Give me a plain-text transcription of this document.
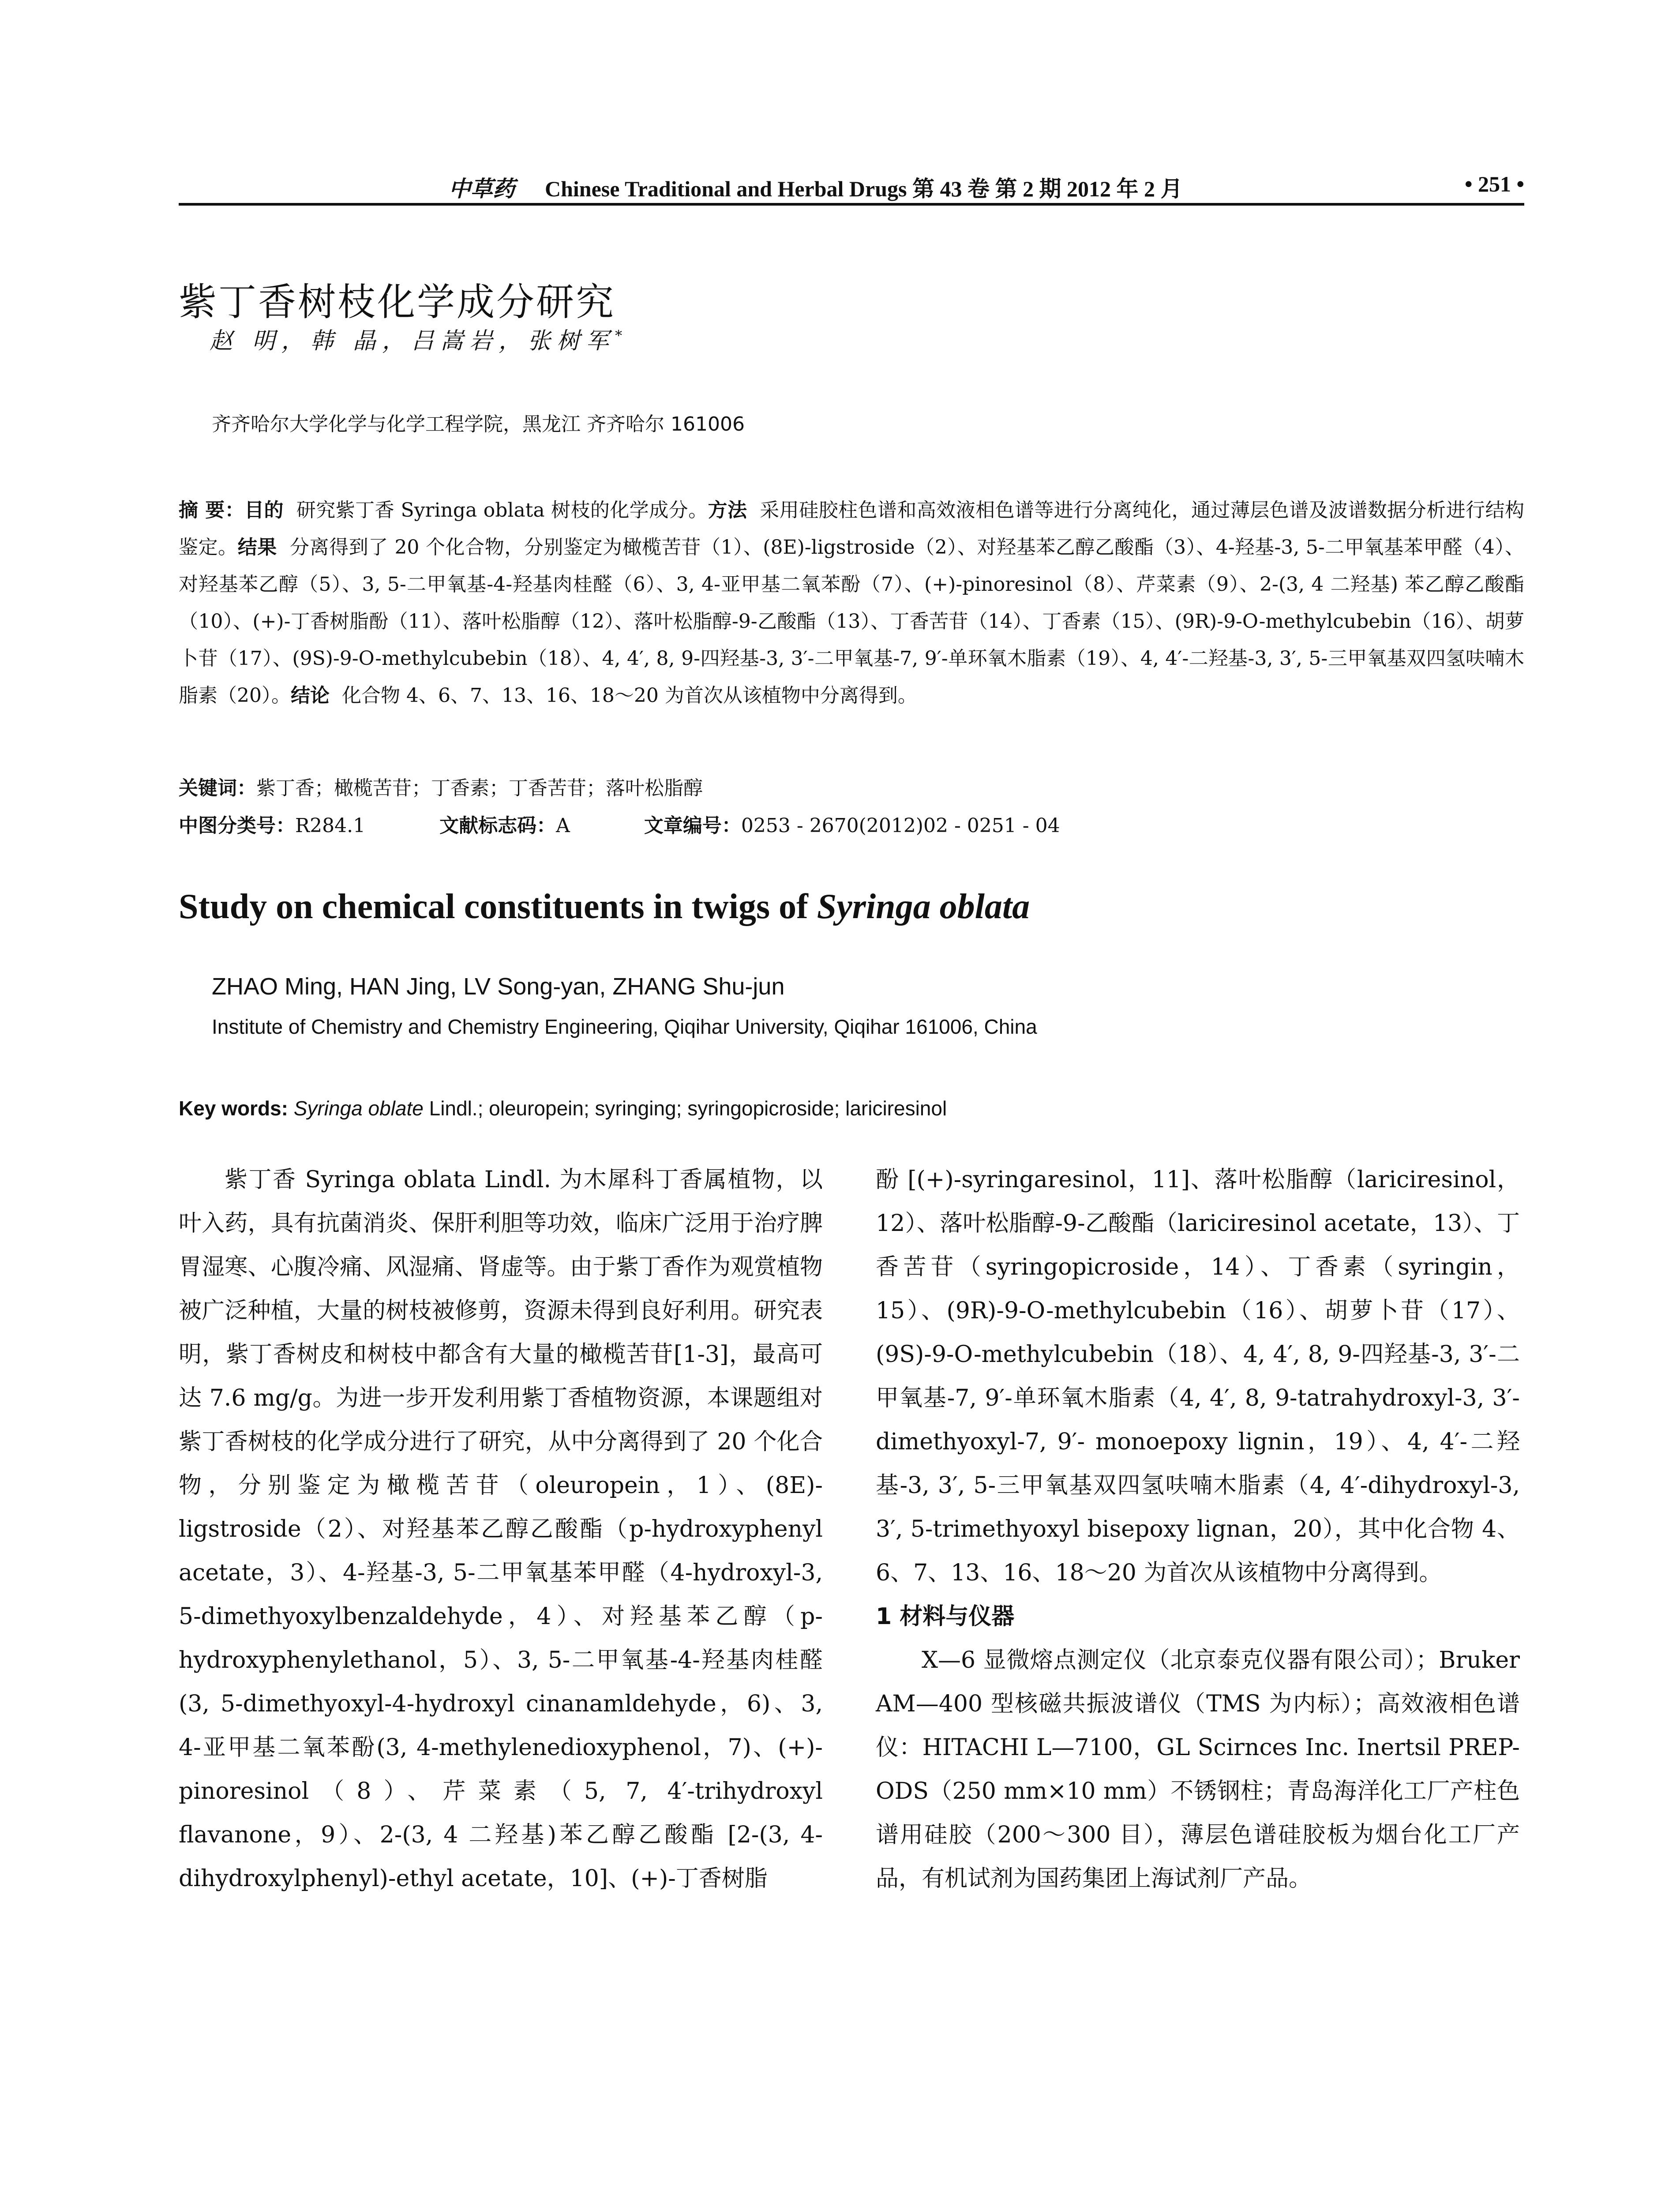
中草药 Chinese Traditional and Herbal Drugs 第 43 卷 第 2 期 2012 年 2 月	• 251 •
紫丁香树枝化学成分研究
赵 明，韩 晶，吕嵩岩，张树军*
齐齐哈尔大学化学与化学工程学院，黑龙江 齐齐哈尔 161006
摘 要：目的 研究紫丁香 Syringa oblata 树枝的化学成分。方法 采用硅胶柱色谱和高效液相色谱等进行分离纯化，通过薄层色谱及波谱数据分析进行结构鉴定。结果 分离得到了 20 个化合物，分别鉴定为橄榄苦苷（1）、(8E)-ligstroside（2）、对羟基苯乙醇乙酸酯（3）、4-羟基-3, 5-二甲氧基苯甲醛（4）、对羟基苯乙醇（5）、3, 5-二甲氧基-4-羟基肉桂醛（6）、3, 4-亚甲基二氧苯酚（7）、(+)-pinoresinol（8）、芹菜素（9）、2-(3, 4 二羟基) 苯乙醇乙酸酯（10）、(+)-丁香树脂酚（11）、落叶松脂醇（12）、落叶松脂醇-9-乙酸酯（13）、丁香苦苷（14）、丁香素（15）、(9R)-9-O-methylcubebin（16）、胡萝卜苷（17）、(9S)-9-O-methylcubebin（18）、4, 4′, 8, 9-四羟基-3, 3′-二甲氧基-7, 9′-单环氧木脂素（19）、4, 4′-二羟基-3, 3′, 5-三甲氧基双四氢呋喃木脂素（20）。结论 化合物 4、6、7、13、16、18～20 为首次从该植物中分离得到。
关键词：紫丁香；橄榄苦苷；丁香素；丁香苦苷；落叶松脂醇
中图分类号：R284.1	文献标志码：A	文章编号：0253 - 2670(2012)02 - 0251 - 04
Study on chemical constituents in twigs of Syringa oblata
ZHAO Ming, HAN Jing, LV Song-yan, ZHANG Shu-jun
Institute of Chemistry and Chemistry Engineering, Qiqihar University, Qiqihar 161006, China
Key words: Syringa oblate Lindl.; oleuropein; syringing; syringopicroside; lariciresinol
紫丁香 Syringa oblata Lindl. 为木犀科丁香属植物，以叶入药，具有抗菌消炎、保肝利胆等功效，临床广泛用于治疗脾胃湿寒、心腹冷痛、风湿痛、肾虚等。由于紫丁香作为观赏植物被广泛种植，大量的树枝被修剪，资源未得到良好利用。研究表明，紫丁香树皮和树枝中都含有大量的橄榄苦苷[1-3]，最高可达 7.6 mg/g。为进一步开发利用紫丁香植物资源，本课题组对紫丁香树枝的化学成分进行了研究，从中分离得到了 20 个化合物，分别鉴定为橄榄苦苷（oleuropein，1）、(8E)-ligstroside（2）、对羟基苯乙醇乙酸酯（p-hydroxyphenyl acetate，3）、4-羟基-3, 5-二甲氧基苯甲醛（4-hydroxyl-3, 5-dimethyoxylbenzaldehyde，4）、对羟基苯乙醇（p-hydroxyphenylethanol，5）、3, 5-二甲氧基-4-羟基肉桂醛(3, 5-dimethyoxyl-4-hydroxyl cinanamldehyde，6)、3, 4-亚甲基二氧苯酚(3, 4-methylenedioxyphenol，7)、(+)-pinoresinol（8）、芹菜素（5, 7, 4′-trihydroxyl flavanone，9）、2-(3, 4 二羟基)苯乙醇乙酸酯 [2-(3, 4-dihydroxylphenyl)-ethyl acetate，10]、(+)-丁香树脂
酚 [(+)-syringaresinol，11]、落叶松脂醇（lariciresinol，12）、落叶松脂醇-9-乙酸酯（lariciresinol acetate，13）、丁香苦苷（syringopicroside，14）、丁香素（syringin，15）、(9R)-9-O-methylcubebin（16）、胡萝卜苷（17）、(9S)-9-O-methylcubebin（18）、4, 4′, 8, 9-四羟基-3, 3′-二甲氧基-7, 9′-单环氧木脂素（4, 4′, 8, 9-tatrahydroxyl-3, 3′-dimethyoxyl-7, 9′- monoepoxy lignin，19）、4, 4′-二羟基-3, 3′, 5-三甲氧基双四氢呋喃木脂素（4, 4′-dihydroxyl-3, 3′, 5-trimethyoxyl bisepoxy lignan，20），其中化合物 4、6、7、13、16、18～20 为首次从该植物中分离得到。
1 材料与仪器
X—6 显微熔点测定仪（北京泰克仪器有限公司）；Bruker AM—400 型核磁共振波谱仪（TMS 为内标）；高效液相色谱仪：HITACHI L—7100，GL Scirnces Inc. Inertsil PREP-ODS（250 mm×10 mm）不锈钢柱；青岛海洋化工厂产柱色谱用硅胶（200～300 目），薄层色谱硅胶板为烟台化工厂产品，有机试剂为国药集团上海试剂厂产品。
